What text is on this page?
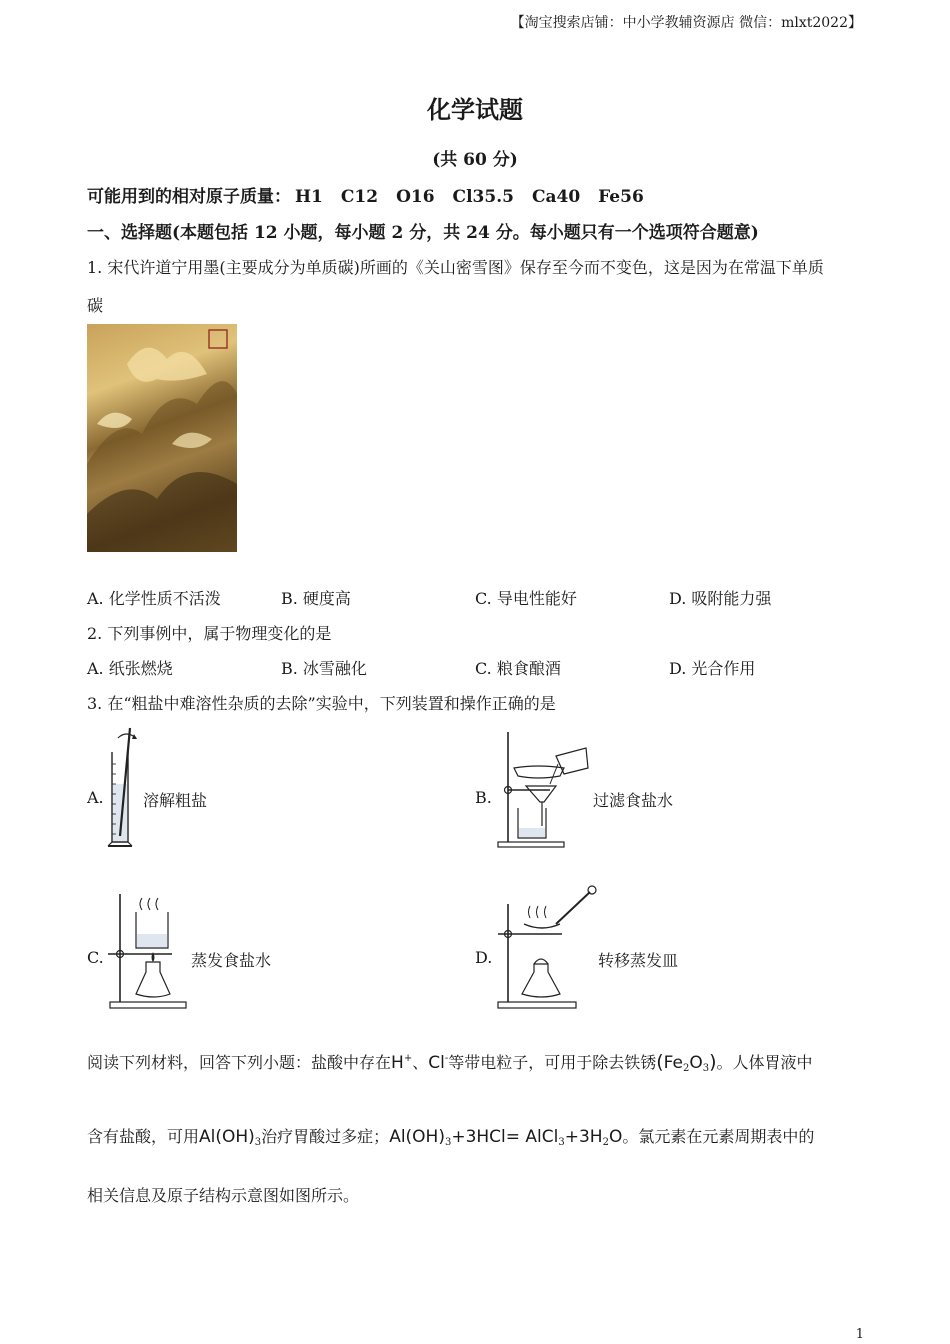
【淘宝搜索店铺：中小学教辅资源店 微信：mlxt2022】
化学试题
(共 60 分)
可能用到的相对原子质量： H1 C12 O16 Cl35.5 Ca40 Fe56
一、选择题(本题包括 12 小题，每小题 2 分，共 24 分。每小题只有一个选项符合题意)
1. 宋代许道宁用墨(主要成分为单质碳)所画的《关山密雪图》保存至今而不变色，这是因为在常温下单质
碳
A. 化学性质不活泼	B. 硬度高	C. 导电性能好	D. 吸附能力强
2. 下列事例中，属于物理变化的是
A. 纸张燃烧	B. 冰雪融化	C. 粮食酿酒	D. 光合作用
3. 在“粗盐中难溶性杂质的去除”实验中，下列装置和操作正确的是
A. 溶解粗盐	B.	过滤食盐水
C.	蒸发食盐水	D.	转移蒸发皿
阅读下列材料，回答下列小题：盐酸中存在H+、Cl-等带电粒子，可用于除去铁锈$(Fe_2O_3)$。人体胃液中
含有盐酸，可用$Al(OH)_3$治疗胃酸过多症；$Al(OH)_3+3HCl=$ $AlCl_3+3H_2O$。氯元素在元素周期表中的
相关信息及原子结构示意图如图所示。
1
